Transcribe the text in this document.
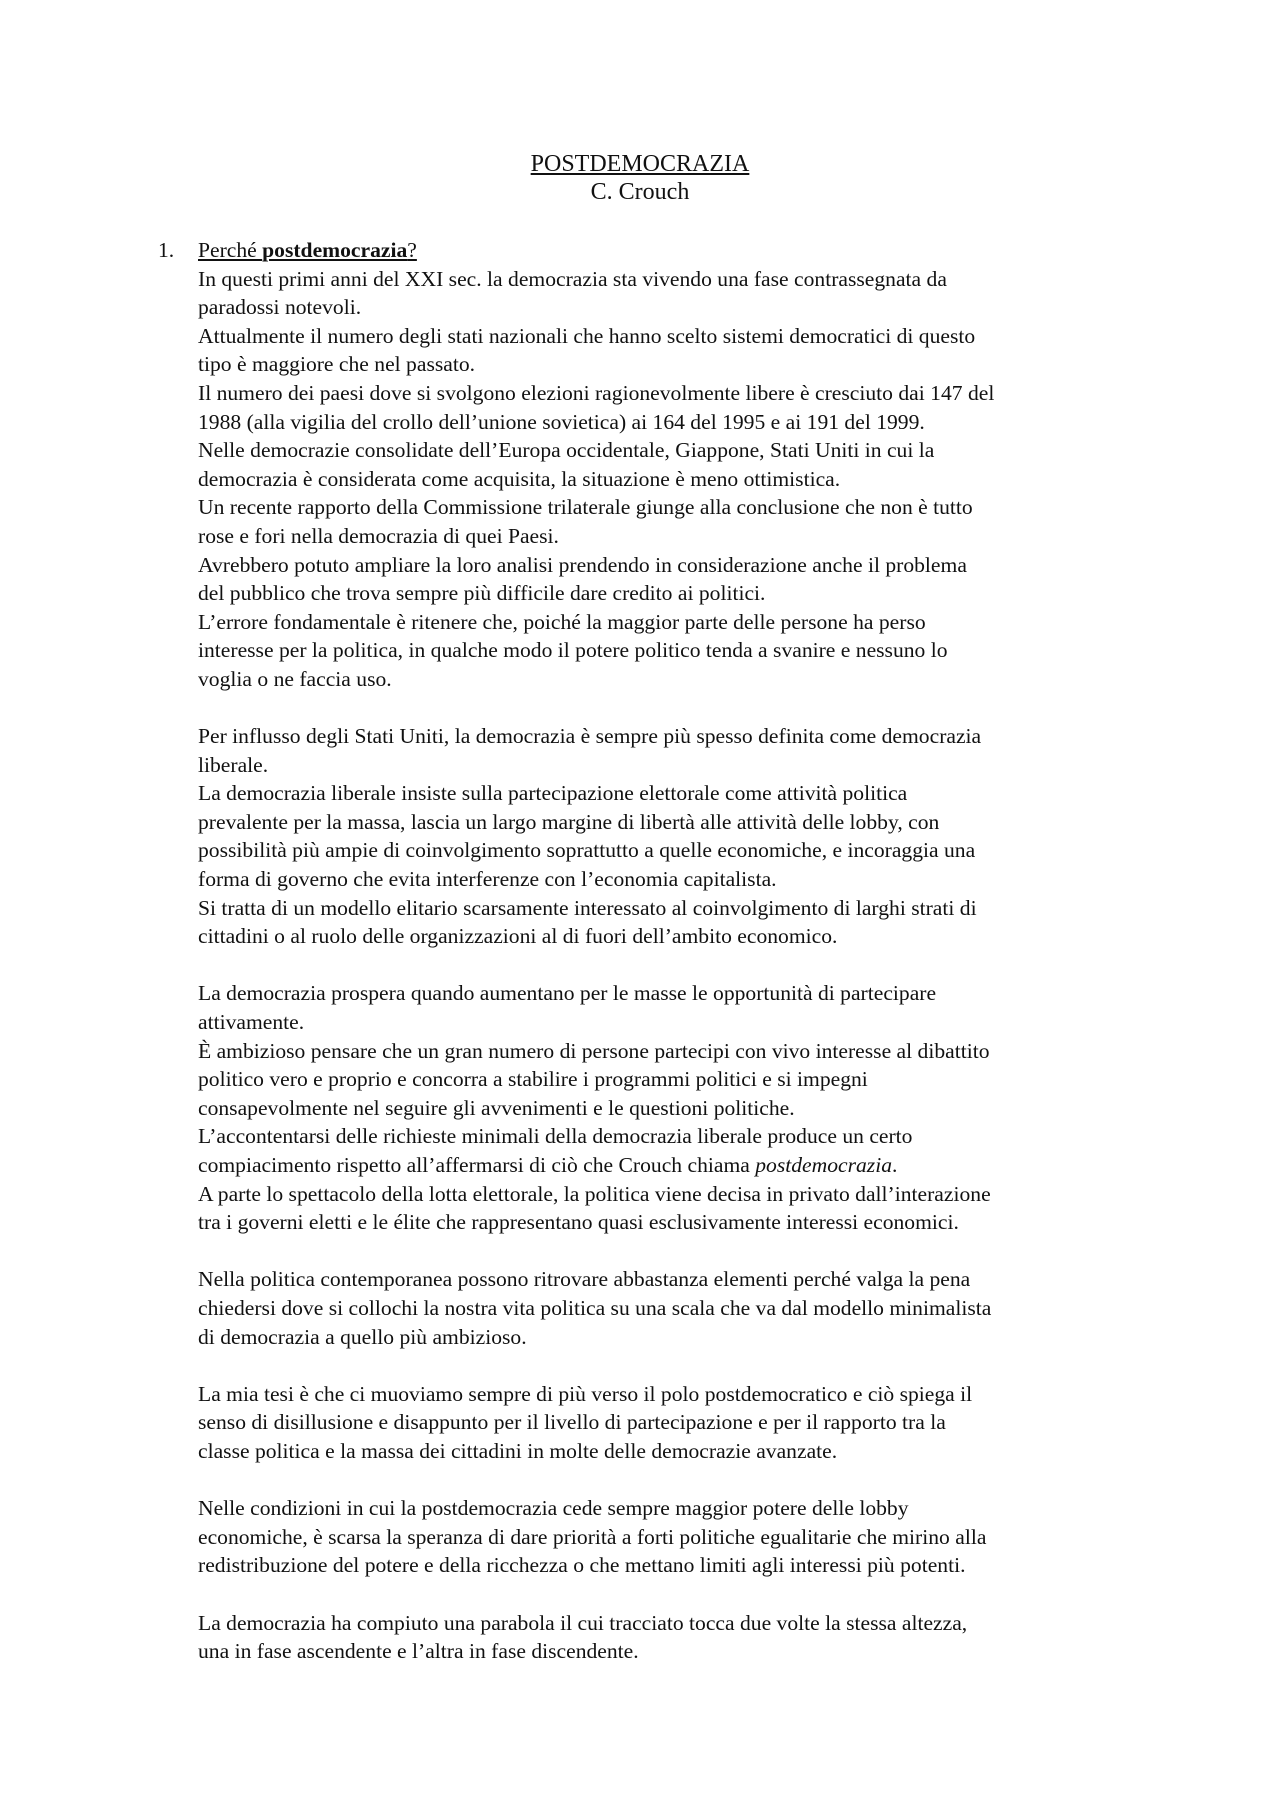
POSTDEMOCRAZIA
C. Crouch
1. Perché postdemocrazia?

In questi primi anni del XXI sec. la democrazia sta vivendo una fase contrassegnata da
paradossi notevoli.
Attualmente il numero degli stati nazionali che hanno scelto sistemi democratici di questo
tipo è maggiore che nel passato.
Il numero dei paesi dove si svolgono elezioni ragionevolmente libere è cresciuto dai 147 del
1988 (alla vigilia del crollo dell’unione sovietica) ai 164 del 1995 e ai 191 del 1999.
Nelle democrazie consolidate dell’Europa occidentale, Giappone, Stati Uniti in cui la
democrazia è considerata come acquisita, la situazione è meno ottimistica.
Un recente rapporto della Commissione trilaterale giunge alla conclusione che non è tutto
rose e fori nella democrazia di quei Paesi.
Avrebbero potuto ampliare la loro analisi prendendo in considerazione anche il problema
del pubblico che trova sempre più difficile dare credito ai politici.
L’errore fondamentale è ritenere che, poiché la maggior parte delle persone ha perso
interesse per la politica, in qualche modo il potere politico tenda a svanire e nessuno lo
voglia o ne faccia uso.
Per influsso degli Stati Uniti, la democrazia è sempre più spesso definita come democrazia
liberale.
La democrazia liberale insiste sulla partecipazione elettorale come attività politica
prevalente per la massa, lascia un largo margine di libertà alle attività delle lobby, con
possibilità più ampie di coinvolgimento soprattutto a quelle economiche, e incoraggia una
forma di governo che evita interferenze con l’economia capitalista.
Si tratta di un modello elitario scarsamente interessato al coinvolgimento di larghi strati di
cittadini o al ruolo delle organizzazioni al di fuori dell’ambito economico.
La democrazia prospera quando aumentano per le masse le opportunità di partecipare
attivamente.
È ambizioso pensare che un gran numero di persone partecipi con vivo interesse al dibattito
politico vero e proprio e concorra a stabilire i programmi politici e si impegni
consapevolmente nel seguire gli avvenimenti e le questioni politiche.
L’accontentarsi delle richieste minimali della democrazia liberale produce un certo
compiacimento rispetto all’affermarsi di ciò che Crouch chiama postdemocrazia.
A parte lo spettacolo della lotta elettorale, la politica viene decisa in privato dall’interazione
tra i governi eletti e le élite che rappresentano quasi esclusivamente interessi economici.
Nella politica contemporanea possono ritrovare abbastanza elementi perché valga la pena
chiedersi dove si collochi la nostra vita politica su una scala che va dal modello minimalista
di democrazia a quello più ambizioso.
La mia tesi è che ci muoviamo sempre di più verso il polo postdemocratico e ciò spiega il
senso di disillusione e disappunto per il livello di partecipazione e per il rapporto tra la
classe politica e la massa dei cittadini in molte delle democrazie avanzate.
Nelle condizioni in cui la postdemocrazia cede sempre maggior potere delle lobby
economiche, è scarsa la speranza di dare priorità a forti politiche egualitarie che mirino alla
redistribuzione del potere e della ricchezza o che mettano limiti agli interessi più potenti.
La democrazia ha compiuto una parabola il cui tracciato tocca due volte la stessa altezza,
una in fase ascendente e l’altra in fase discendente.
